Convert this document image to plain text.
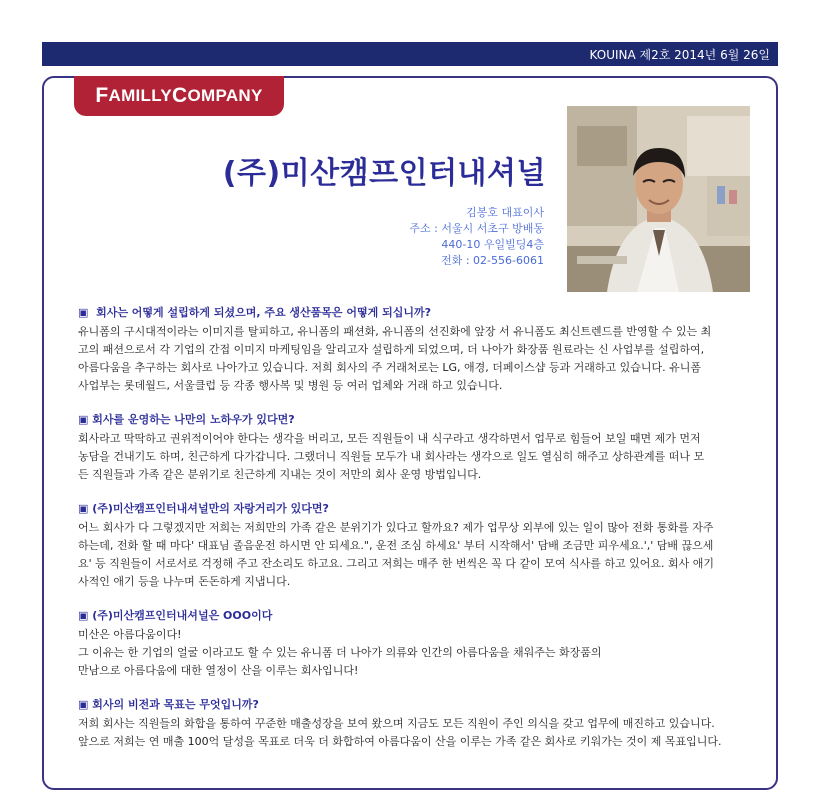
KOUINA 제2호 2014년 6월 26일
F AMILLY C OMPANY
(주)미산캠프인터내셔널
김봉호 대표이사
주소 : 서울시 서초구 방배동
440-10 우일빌딩4층
전화 : 02-556-6061
▣ 회사는 어떻게 설립하게 되셨으며, 주요 생산품목은 어떻게 되십니까?

유니폼의 구시대적이라는 이미지를 탈피하고, 유니폼의 패션화, 유니폼의 선진화에 앞장 서 유니폼도 최신트렌드를 반영할 수 있는 최

고의 패션으로서 각 기업의 간접 이미지 마케팅임을 알리고자 설립하게 되었으며, 더 나아가 화장품 원료라는 신 사업부를 설립하여,

아름다움을 추구하는 회사로 나아가고 있습니다. 저희 회사의 주 거래처로는 LG, 애경, 더페이스샵 등과 거래하고 있습니다. 유니폼

사업부는 롯데월드, 서울클럽 등 각종 행사복 및 병원 등 여러 업체와 거래 하고 있습니다.

▣ 회사를 운영하는 나만의 노하우가 있다면?

회사라고 딱딱하고 권위적이어야 한다는 생각을 버리고, 모든 직원들이 내 식구라고 생각하면서 업무로 힘들어 보일 때면 제가 먼저

농담을 건내기도 하며, 친근하게 다가갑니다. 그랬더니 직원들 모두가 내 회사라는 생각으로 일도 열심히 해주고 상하관계를 떠나 모

든 직원들과 가족 같은 분위기로 친근하게 지내는 것이 저만의 회사 운영 방법입니다.

▣ (주)미산캠프인터내셔널만의 자랑거리가 있다면?

어느 회사가 다 그렇겠지만 저희는 저희만의 가족 같은 분위기가 있다고 할까요? 제가 업무상 외부에 있는 일이 많아 전화 통화를 자주

하는데, 전화 할 때 마다' 대표님 졸음운전 하시면 안 되세요.", 운전 조심 하세요' 부터 시작해서' 담배 조금만 피우세요.',' 담배 끊으세

요' 등 직원들이 서로서로 걱정해 주고 잔소리도 하고요. 그리고 저희는 매주 한 번씩은 꼭 다 같이 모여 식사를 하고 있어요. 회사 애기

사적인 애기 등을 나누며 돈돈하게 지냅니다.

▣ (주)미산캠프인터내셔널은 OOO이다

미산은 아름다움이다!

그 이유는 한 기업의 얼굴 이라고도 할 수 있는 유니폼 더 나아가 의류와 인간의 아름다움을 채워주는 화장품의

만남으로 아름다움에 대한 열정이 산을 이루는 회사입니다!

▣ 회사의 비전과 목표는 무엇입니까?

저희 회사는 직원들의 화합을 통하여 꾸준한 매출성장을 보여 왔으며 지금도 모든 직원이 주인 의식을 갖고 업무에 매진하고 있습니다.

앞으로 저희는 연 매출 100억 달성을 목표로 더욱 더 화합하여 아름다움이 산을 이루는 가족 같은 회사로 키워가는 것이 제 목표입니다.
